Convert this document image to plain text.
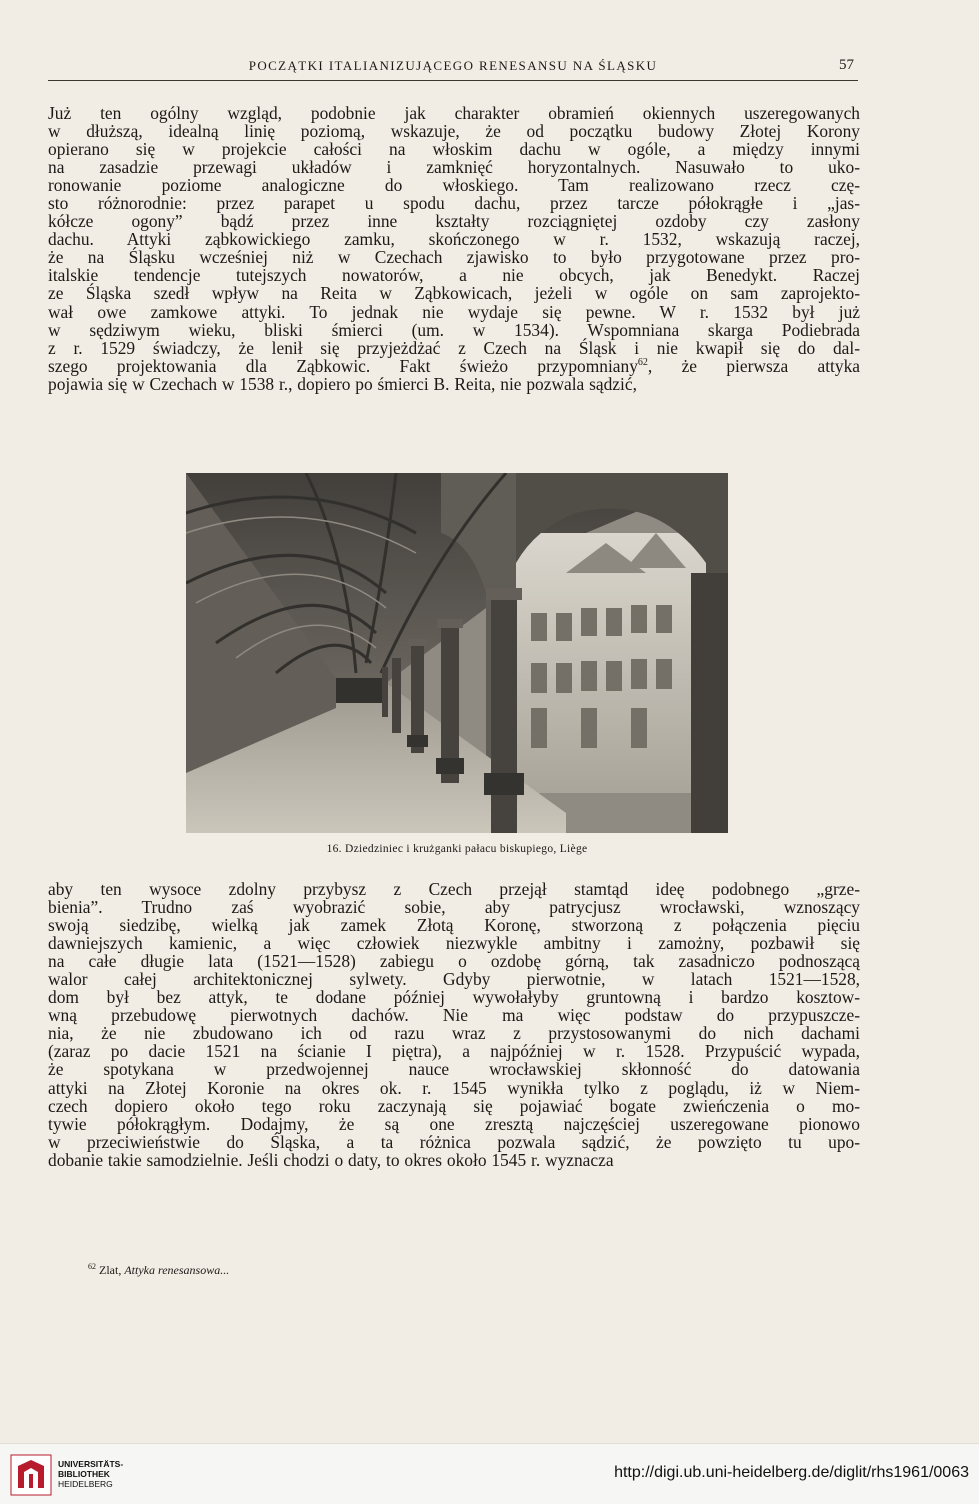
POCZĄTKI ITALIANIZUJĄCEGO RENESANSU NA ŚLĄSKU	57

Już ten ogólny wzgląd, podobnie jak charakter obramień okiennych uszeregowanych
w dłuższą, idealną linię poziomą, wskazuje, że od początku budowy Złotej Korony
opierano się w projekcie całości na włoskim dachu w ogóle, a między innymi
na zasadzie przewagi układów i zamknięć horyzontalnych. Nasuwało to uko-
ronowanie poziome analogiczne do włoskiego. Tam realizowano rzecz czę-
sto różnorodnie: przez parapet u spodu dachu, przez tarcze półokrągłe i „jas-
kółcze ogony” bądź przez inne kształty rozciągniętej ozdoby czy zasłony
dachu. Attyki ząbkowickiego zamku, skończonego w r. 1532, wskazują raczej,
że na Śląsku wcześniej niż w Czechach zjawisko to było przygotowane przez pro-
italskie tendencje tutejszych nowatorów, a nie obcych, jak Benedykt. Raczej
ze Śląska szedł wpływ na Reita w Ząbkowicach, jeżeli w ogóle on sam zaprojekto-
wał owe zamkowe attyki. To jednak nie wydaje się pewne. W r. 1532 był już
w sędziwym wieku, bliski śmierci (um. w 1534). Wspomniana skarga Podiebrada
z r. 1529 świadczy, że lenił się przyjeżdżać z Czech na Śląsk i nie kwapił się do dal-
szego projektowania dla Ząbkowic. Fakt świeżo przypomniany$^{62}$, że pierwsza attyka
pojawia się w Czechach w 1538 r., dopiero po śmierci B. Reita, nie pozwala sądzić,

16. Dziedziniec i krużganki pałacu biskupiego, Liège

aby ten wysoce zdolny przybysz z Czech przejął stamtąd ideę podobnego „grze-
bienia”. Trudno zaś wyobrazić sobie, aby patrycjusz wrocławski, wznoszący
swoją siedzibę, wielką jak zamek Złotą Koronę, stworzoną z połączenia pięciu
dawniejszych kamienic, a więc człowiek niezwykle ambitny i zamożny, pozbawił się
na całe długie lata (1521—1528) zabiegu o ozdobę górną, tak zasadniczo podnoszącą
walor całej architektonicznej sylwety. Gdyby pierwotnie, w latach 1521—1528,
dom był bez attyk, te dodane później wywołałyby gruntowną i bardzo kosztow-
wną przebudowę pierwotnych dachów. Nie ma więc podstaw do przypuszcze-
nia, że nie zbudowano ich od razu wraz z przystosowanymi do nich dachami
(zaraz po dacie 1521 na ścianie I piętra), a najpóźniej w r. 1528. Przypuścić wypada,
że spotykana w przedwojennej nauce wrocławskiej skłonność do datowania
attyki na Złotej Koronie na okres ok. r. 1545 wynikła tylko z poglądu, iż w Niem-
czech dopiero około tego roku zaczynają się pojawiać bogate zwieńczenia o mo-
tywie półokrągłym. Dodajmy, że są one zresztą najczęściej uszeregowane pionowo
w przeciwieństwie do Śląska, a ta różnica pozwala sądzić, że powzięto tu upo-
dobanie takie samodzielnie. Jeśli chodzi o daty, to okres około 1545 r. wyznacza

$^{62}$ Zlat, Attyka renesansowa...
UNIVERSITÄTS-
BIBLIOTHEK
HEIDELBERG
http://digi.ub.uni-heidelberg.de/diglit/rhs1961/0063
